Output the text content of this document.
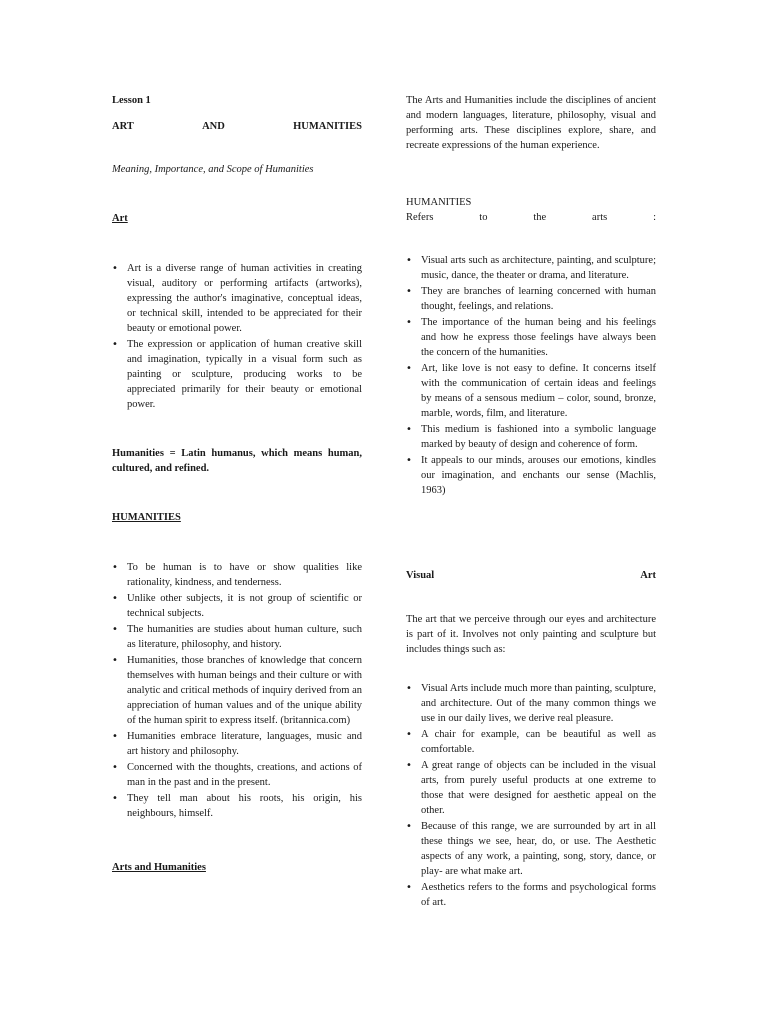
Lesson 1
ART	AND	HUMANITIES
Meaning, Importance, and Scope of Humanities
Art
• Art is a diverse range of human activities in creating visual, auditory or performing artifacts (artworks), expressing the author's imaginative, conceptual ideas, or technical skill, intended to be appreciated for their beauty or emotional power.
• The expression or application of human creative skill and imagination, typically in a visual form such as painting or sculpture, producing works to be appreciated primarily for their beauty or emotional power.
Humanities = Latin humanus, which means human, cultured, and refined.
HUMANITIES
• To be human is to have or show qualities like rationality, kindness, and tenderness.
• Unlike other subjects, it is not group of scientific or technical subjects.
• The humanities are studies about human culture, such as literature, philosophy, and history.
• Humanities, those branches of knowledge that concern themselves with human beings and their culture or with analytic and critical methods of inquiry derived from an appreciation of human values and of the unique ability of the human spirit to express itself. (britannica.com)
• Humanities embrace literature, languages, music and art history and philosophy.
• Concerned with the thoughts, creations, and actions of man in the past and in the present.
• They tell man about his roots, his origin, his neighbours, himself.
Arts and Humanities
The Arts and Humanities include the disciplines of ancient and modern languages, literature, philosophy, visual and performing arts. These disciplines explore, share, and recreate expressions of the human experience.
HUMANITIES
Refers	to	the	arts	:
• Visual arts such as architecture, painting, and sculpture; music, dance, the theater or drama, and literature.
• They are branches of learning concerned with human thought, feelings, and relations.
• The importance of the human being and his feelings and how he express those feelings have always been the concern of the humanities.
• Art, like love is not easy to define. It concerns itself with the communication of certain ideas and feelings by means of a sensous medium – color, sound, bronze, marble, words, film, and literature.
• This medium is fashioned into a symbolic language marked by beauty of design and coherence of form.
• It appeals to our minds, arouses our emotions, kindles our imagination, and enchants our sense (Machlis, 1963)
Visual	Art
The art that we perceive through our eyes and architecture is part of it. Involves not only painting and sculpture but includes things such as:
• Visual Arts include much more than painting, sculpture, and architecture. Out of the many common things we use in our daily lives, we derive real pleasure.
• A chair for example, can be beautiful as well as comfortable.
• A great range of objects can be included in the visual arts, from purely useful products at one extreme to those that were designed for aesthetic appeal on the other.
• Because of this range, we are surrounded by art in all these things we see, hear, do, or use. The Aesthetic aspects of any work, a painting, song, story, dance, or play- are what make art.
• Aesthetics refers to the forms and psychological forms of art.
